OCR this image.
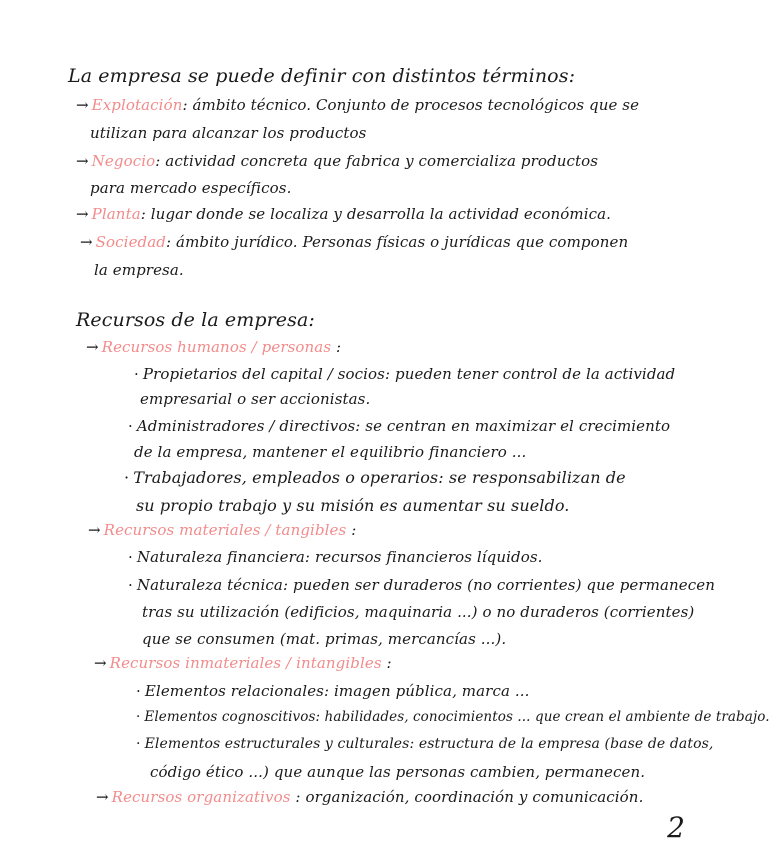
La empresa se puede definir con distintos términos:
→ Explotación: ámbito técnico. Conjunto de procesos tecnológicos que se
utilizan para alcanzar los productos
→ Negocio: actividad concreta que fabrica y comercializa productos
para mercado específicos.
→ Planta: lugar donde se localiza y desarrolla la actividad económica.
→ Sociedad: ámbito jurídico. Personas físicas o jurídicas que componen
la empresa.
Recursos de la empresa:
→ Recursos humanos / personas :
· Propietarios del capital / socios: pueden tener control de la actividad
empresarial o ser accionistas.
· Administradores / directivos: se centran en maximizar el crecimiento
de la empresa, mantener el equilibrio financiero ...
· Trabajadores, empleados o operarios: se responsabilizan de
su propio trabajo y su misión es aumentar su sueldo.
→ Recursos materiales / tangibles :
· Naturaleza financiera: recursos financieros líquidos.
· Naturaleza técnica: pueden ser duraderos (no corrientes) que permanecen
tras su utilización (edificios, maquinaria ...) o no duraderos (corrientes)
que se consumen (mat. primas, mercancías ...).
→ Recursos inmateriales / intangibles :
· Elementos relacionales: imagen pública, marca ...
· Elementos cognoscitivos: habilidades, conocimientos ... que crean el ambiente de trabajo.
· Elementos estructurales y culturales: estructura de la empresa (base de datos,
código ético ...) que aunque las personas cambien, permanecen.
→ Recursos organizativos : organización, coordinación y comunicación.
2
